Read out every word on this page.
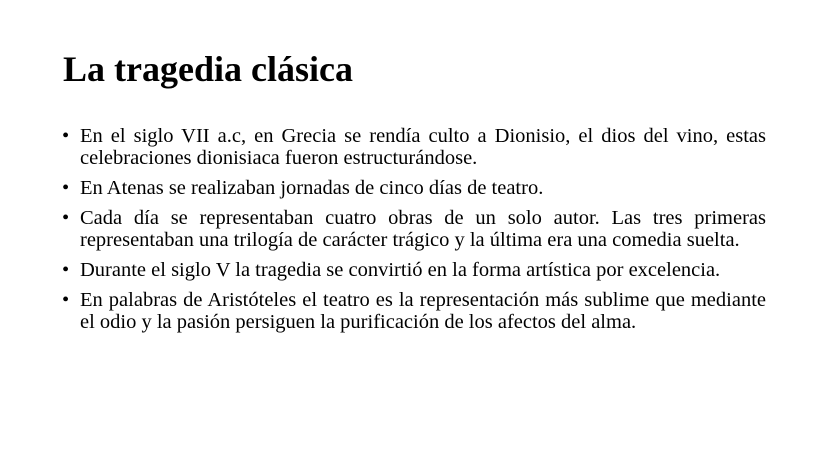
La tragedia clásica
• En el siglo VII a.c, en Grecia se rendía culto a Dionisio, el dios del vino, estas celebraciones dionisiaca fueron estructurándose.
• En Atenas se realizaban jornadas de cinco días de teatro.
• Cada día se representaban cuatro obras de un solo autor. Las tres primeras representaban una trilogía de carácter trágico y la última era una comedia suelta.
• Durante el siglo V la tragedia se convirtió en la forma artística por excelencia.
• En palabras de Aristóteles el teatro es la representación más sublime que mediante el odio y la pasión persiguen la purificación de los afectos del alma.
